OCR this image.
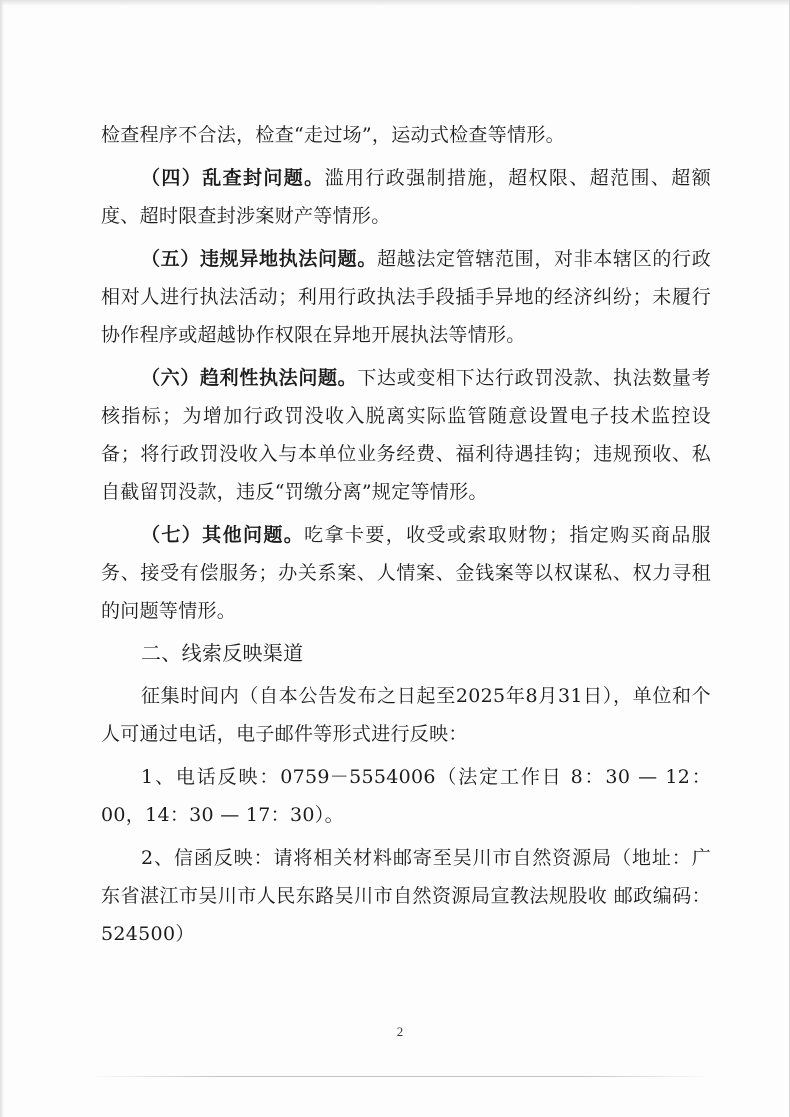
检查程序不合法，检查“走过场”，运动式检查等情形。

（四）乱查封问题。滥用行政强制措施，超权限、超范围、超额度、超时限查封涉案财产等情形。

（五）违规异地执法问题。超越法定管辖范围，对非本辖区的行政相对人进行执法活动；利用行政执法手段插手异地的经济纠纷；未履行协作程序或超越协作权限在异地开展执法等情形。

（六）趋利性执法问题。下达或变相下达行政罚没款、执法数量考核指标；为增加行政罚没收入脱离实际监管随意设置电子技术监控设备；将行政罚没收入与本单位业务经费、福利待遇挂钩；违规预收、私自截留罚没款，违反“罚缴分离”规定等情形。

（七）其他问题。吃拿卡要，收受或索取财物；指定购买商品服务、接受有偿服务；办关系案、人情案、金钱案等以权谋私、权力寻租的问题等情形。

二、线索反映渠道

征集时间内（自本公告发布之日起至2025年8月31日），单位和个人可通过电话，电子邮件等形式进行反映：

1、电话反映：0759－5554006（法定工作日 8：30 — 12：00，14：30 — 17：30）。

2、信函反映：请将相关材料邮寄至吴川市自然资源局（地址：广东省湛江市吴川市人民东路吴川市自然资源局宣教法规股收 邮政编码：524500）

2
